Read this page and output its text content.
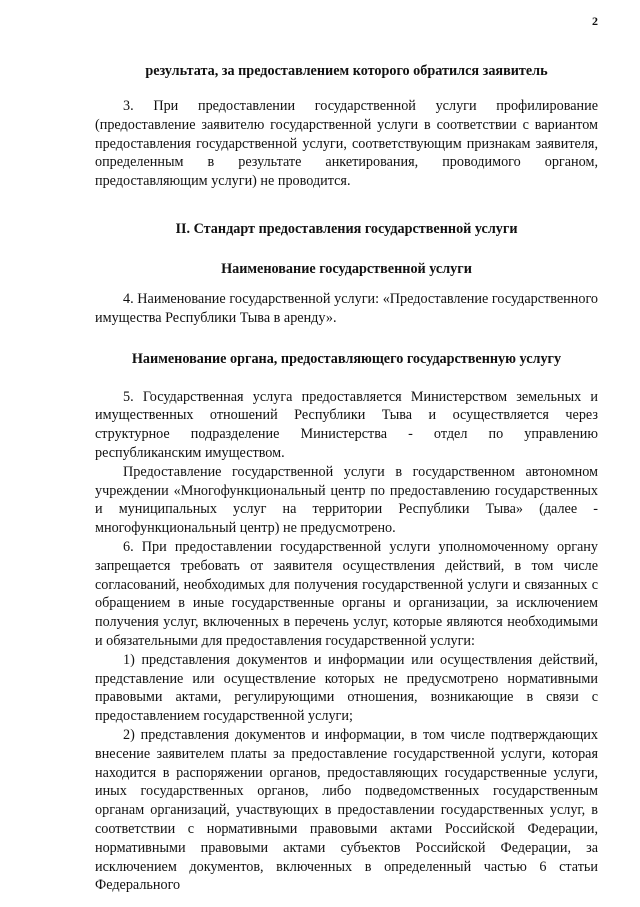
2

результата, за предоставлением которого обратился заявитель

3. При предоставлении государственной услуги профилирование (предоставление заявителю государственной услуги в соответствии с вариантом предоставления государственной услуги, соответствующим признакам заявителя, определенным в результате анкетирования, проводимого органом, предоставляющим услуги) не проводится.

II. Стандарт предоставления государственной услуги

Наименование государственной услуги

4. Наименование государственной услуги: «Предоставление государственного имущества Республики Тыва в аренду».

Наименование органа, предоставляющего государственную услугу

5. Государственная услуга предоставляется Министерством земельных и имущественных отношений Республики Тыва и осуществляется через структурное подразделение Министерства - отдел по управлению республиканским имуществом.

Предоставление государственной услуги в государственном автономном учреждении «Многофункциональный центр по предоставлению государственных и муниципальных услуг на территории Республики Тыва» (далее - многофункциональный центр) не предусмотрено.

6. При предоставлении государственной услуги уполномоченному органу запрещается требовать от заявителя осуществления действий, в том числе согласований, необходимых для получения государственной услуги и связанных с обращением в иные государственные органы и организации, за исключением получения услуг, включенных в перечень услуг, которые являются необходимыми и обязательными для предоставления государственной услуги:

1) представления документов и информации или осуществления действий, представление или осуществление которых не предусмотрено нормативными правовыми актами, регулирующими отношения, возникающие в связи с предоставлением государственной услуги;

2) представления документов и информации, в том числе подтверждающих внесение заявителем платы за предоставление государственной услуги, которая находится в распоряжении органов, предоставляющих государственные услуги, иных государственных органов, либо подведомственных государственным органам организаций, участвующих в предоставлении государственных услуг, в соответствии с нормативными правовыми актами Российской Федерации, нормативными правовыми актами субъектов Российской Федерации, за исключением документов, включенных в определенный частью 6 статьи Федерального
